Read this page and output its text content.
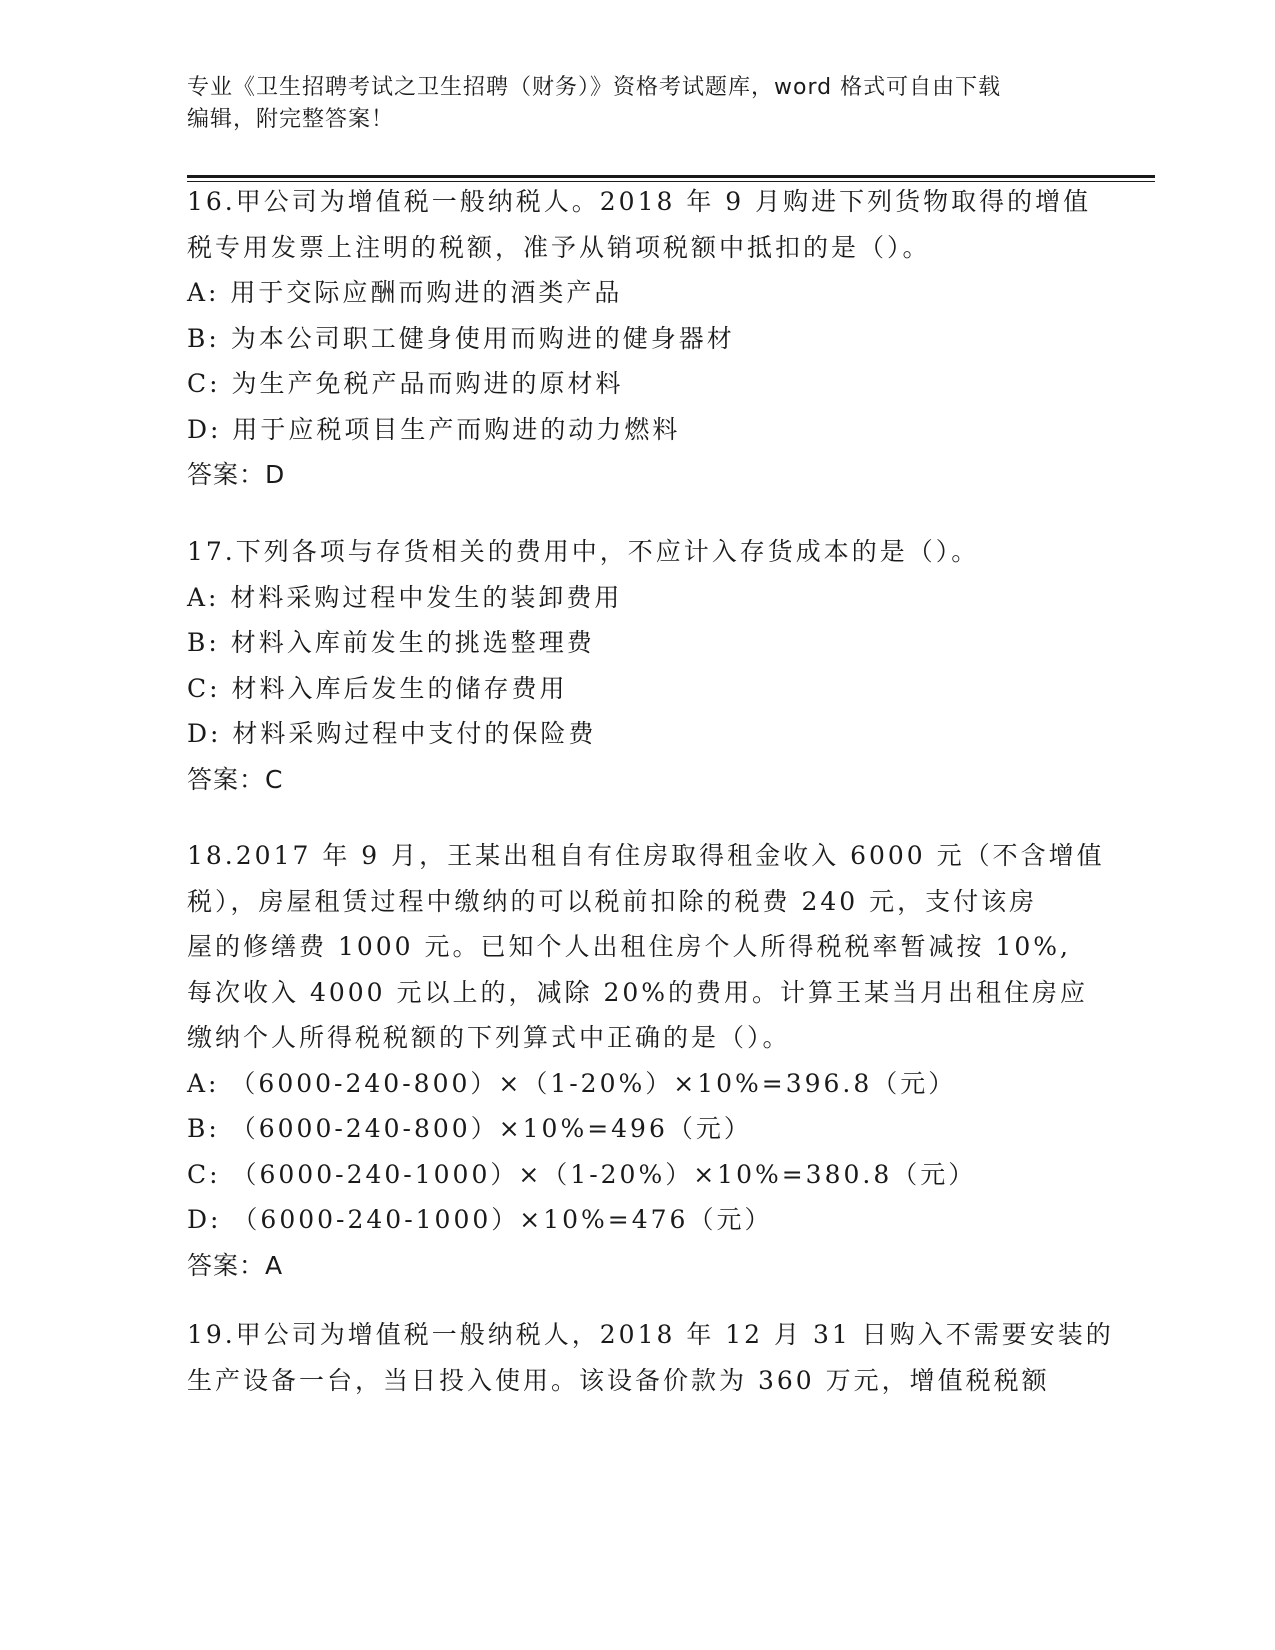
专业《卫生招聘考试之卫生招聘（财务）》资格考试题库，word 格式可自由下载
编辑，附完整答案！
16.甲公司为增值税一般纳税人。2018 年 9 月购进下列货物取得的增值
税专用发票上注明的税额，准予从销项税额中抵扣的是（）。
A: 用于交际应酬而购进的酒类产品
B: 为本公司职工健身使用而购进的健身器材
C: 为生产免税产品而购进的原材料
D: 用于应税项目生产而购进的动力燃料
答案：D
17.下列各项与存货相关的费用中，不应计入存货成本的是（）。
A: 材料采购过程中发生的装卸费用
B: 材料入库前发生的挑选整理费
C: 材料入库后发生的储存费用
D: 材料采购过程中支付的保险费
答案：C
18.2017 年 9 月，王某出租自有住房取得租金收入 6000 元（不含增值
税），房屋租赁过程中缴纳的可以税前扣除的税费 240 元，支付该房
屋的修缮费 1000 元。已知个人出租住房个人所得税税率暂减按 10%,
每次收入 4000 元以上的，减除 20%的费用。计算王某当月出租住房应
缴纳个人所得税税额的下列算式中正确的是（）。
A: （6000-240-800）×（1-20%）×10%=396.8（元）
B: （6000-240-800）×10%=496（元）
C: （6000-240-1000）×（1-20%）×10%=380.8（元）
D: （6000-240-1000）×10%=476（元）
答案：A
19.甲公司为增值税一般纳税人，2018 年 12 月 31 日购入不需要安装的
生产设备一台，当日投入使用。该设备价款为 360 万元，增值税税额
